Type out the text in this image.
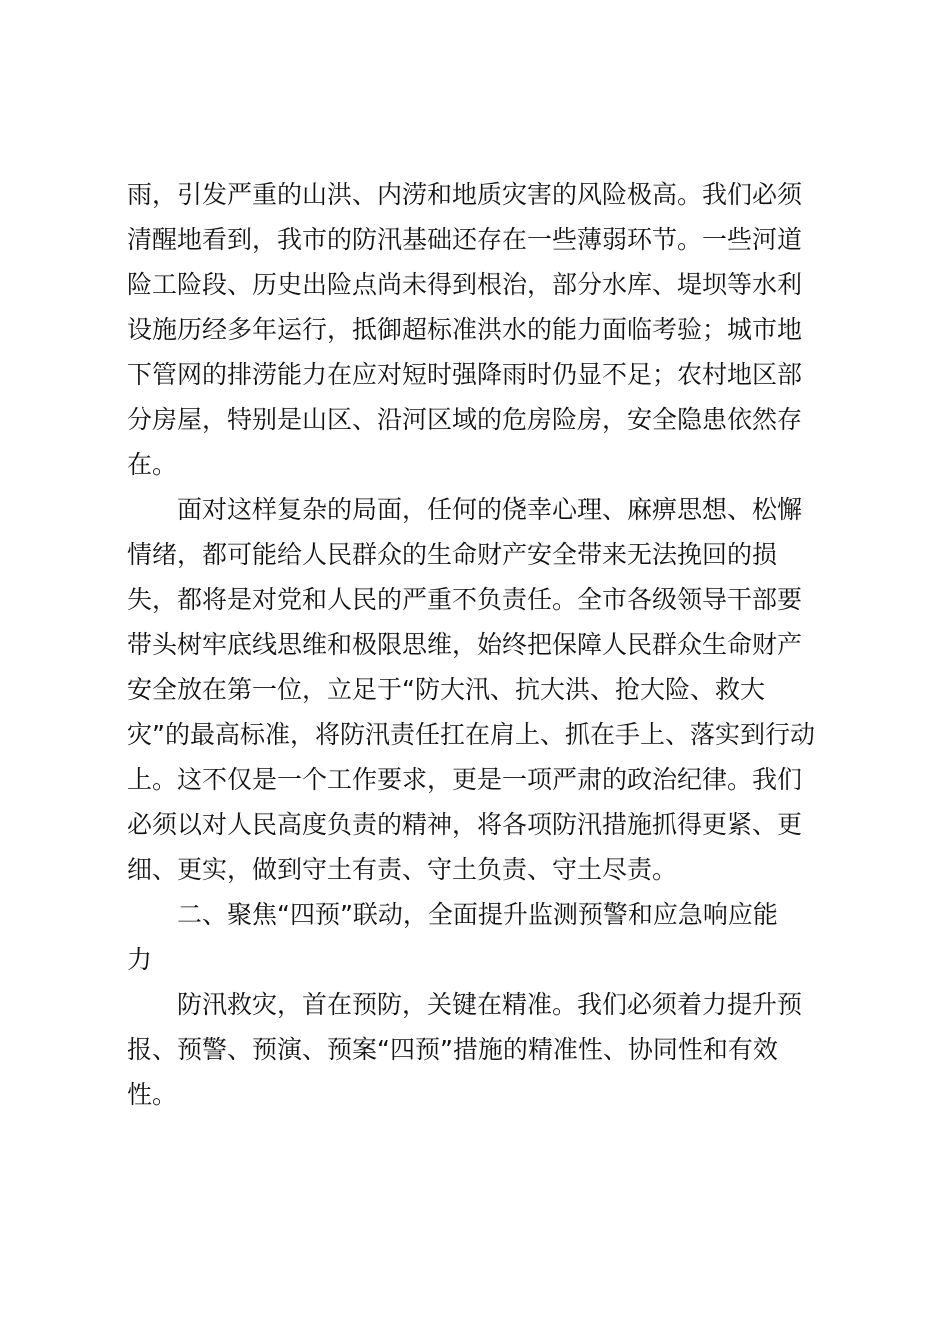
雨，引发严重的山洪、内涝和地质灾害的风险极高。我们必须
清醒地看到，我市的防汛基础还存在一些薄弱环节。一些河道
险工险段、历史出险点尚未得到根治，部分水库、堤坝等水利
设施历经多年运行，抵御超标准洪水的能力面临考验；城市地
下管网的排涝能力在应对短时强降雨时仍显不足；农村地区部
分房屋，特别是山区、沿河区域的危房险房，安全隐患依然存
在。
面对这样复杂的局面，任何的侥幸心理、麻痹思想、松懈
情绪，都可能给人民群众的生命财产安全带来无法挽回的损
失，都将是对党和人民的严重不负责任。全市各级领导干部要
带头树牢底线思维和极限思维，始终把保障人民群众生命财产
安全放在第一位，立足于“防大汛、抗大洪、抢大险、救大
灾”的最高标准，将防汛责任扛在肩上、抓在手上、落实到行动
上。这不仅是一个工作要求，更是一项严肃的政治纪律。我们
必须以对人民高度负责的精神，将各项防汛措施抓得更紧、更
细、更实，做到守土有责、守土负责、守土尽责。
二、聚焦“四预”联动，全面提升监测预警和应急响应能
力
防汛救灾，首在预防，关键在精准。我们必须着力提升预
报、预警、预演、预案“四预”措施的精准性、协同性和有效
性。
